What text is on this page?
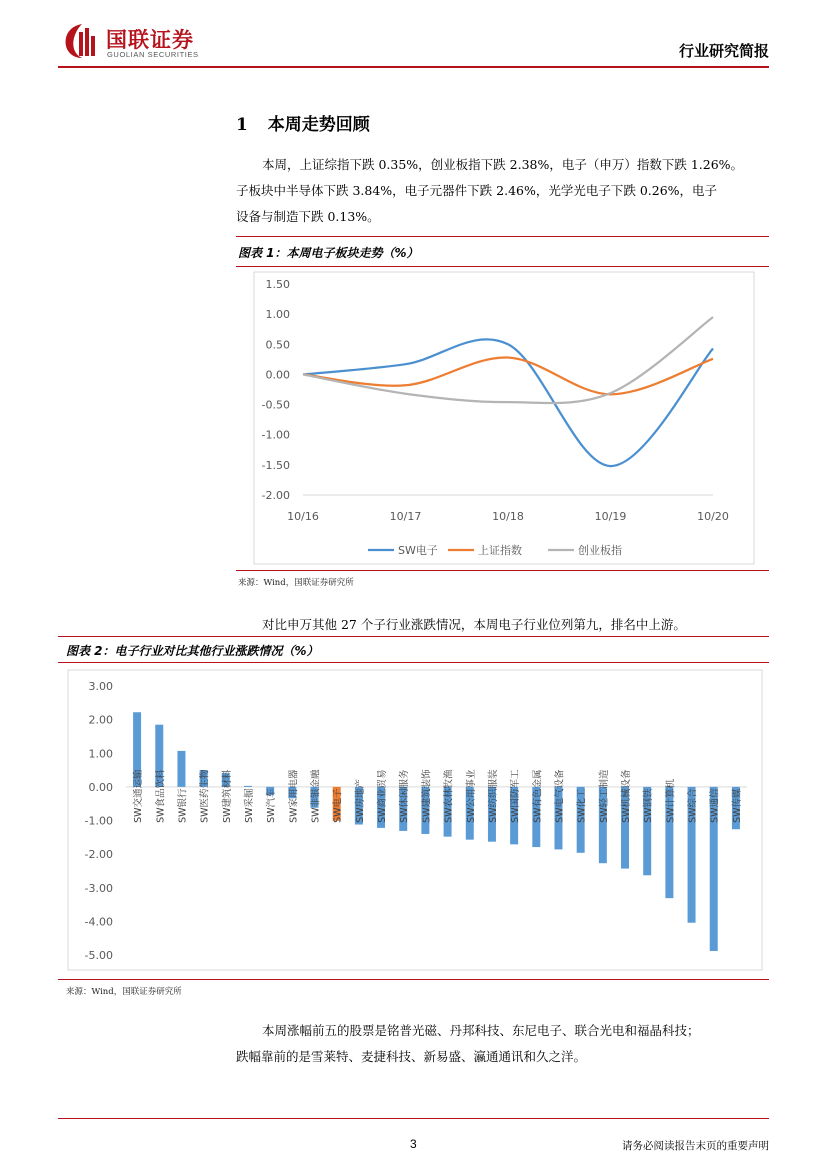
国联证券
GUOLIAN SECURITIES	行业研究简报
1 本周走势回顾
本周，上证综指下跌 0.35%，创业板指下跌 2.38%，电子（申万）指数下跌 1.26%。
子板块中半导体下跌 3.84%，电子元器件下跌 2.46%，光学光电子下跌 0.26%，电子
设备与制造下跌 0.13%。
图表 1：本周电子板块走势（%）
1.50
1.00
0.50
0.00
-0.50
-1.00
-1.50
-2.00
10/16	10/17	10/18	10/19	10/20
SW电子	上证指数	创业板指
来源：Wind，国联证券研究所
对比申万其他 27 个子行业涨跌情况，本周电子行业位列第九，排名中上游。
图表 2：电子行业对比其他行业涨跌情况（%）
3.00
2.00
1.00
0.00
-1.00
-2.00
-3.00
-4.00
-5.00
SW交通运输 SW食品饮料 SW银行 SW医药生物 SW建筑材料 SW采掘 SW汽车 SW家用电器 SW非银金融 SW电子 SW房地产 SW商业贸易 SW休闲服务 SW建筑装饰 SW农林牧渔 SW公用事业 SW纺织服装 SW国防军工 SW有色金属 SW电气设备 SW化工 SW轻工制造 SW机械设备 SW钢铁 SW计算机 SW综合 SW通信 SW传媒
来源：Wind，国联证券研究所
本周涨幅前五的股票是铭普光磁、丹邦科技、东尼电子、联合光电和福晶科技；
跌幅靠前的是雪莱特、麦捷科技、新易盛、瀛通通讯和久之洋。
3	请务必阅读报告末页的重要声明
